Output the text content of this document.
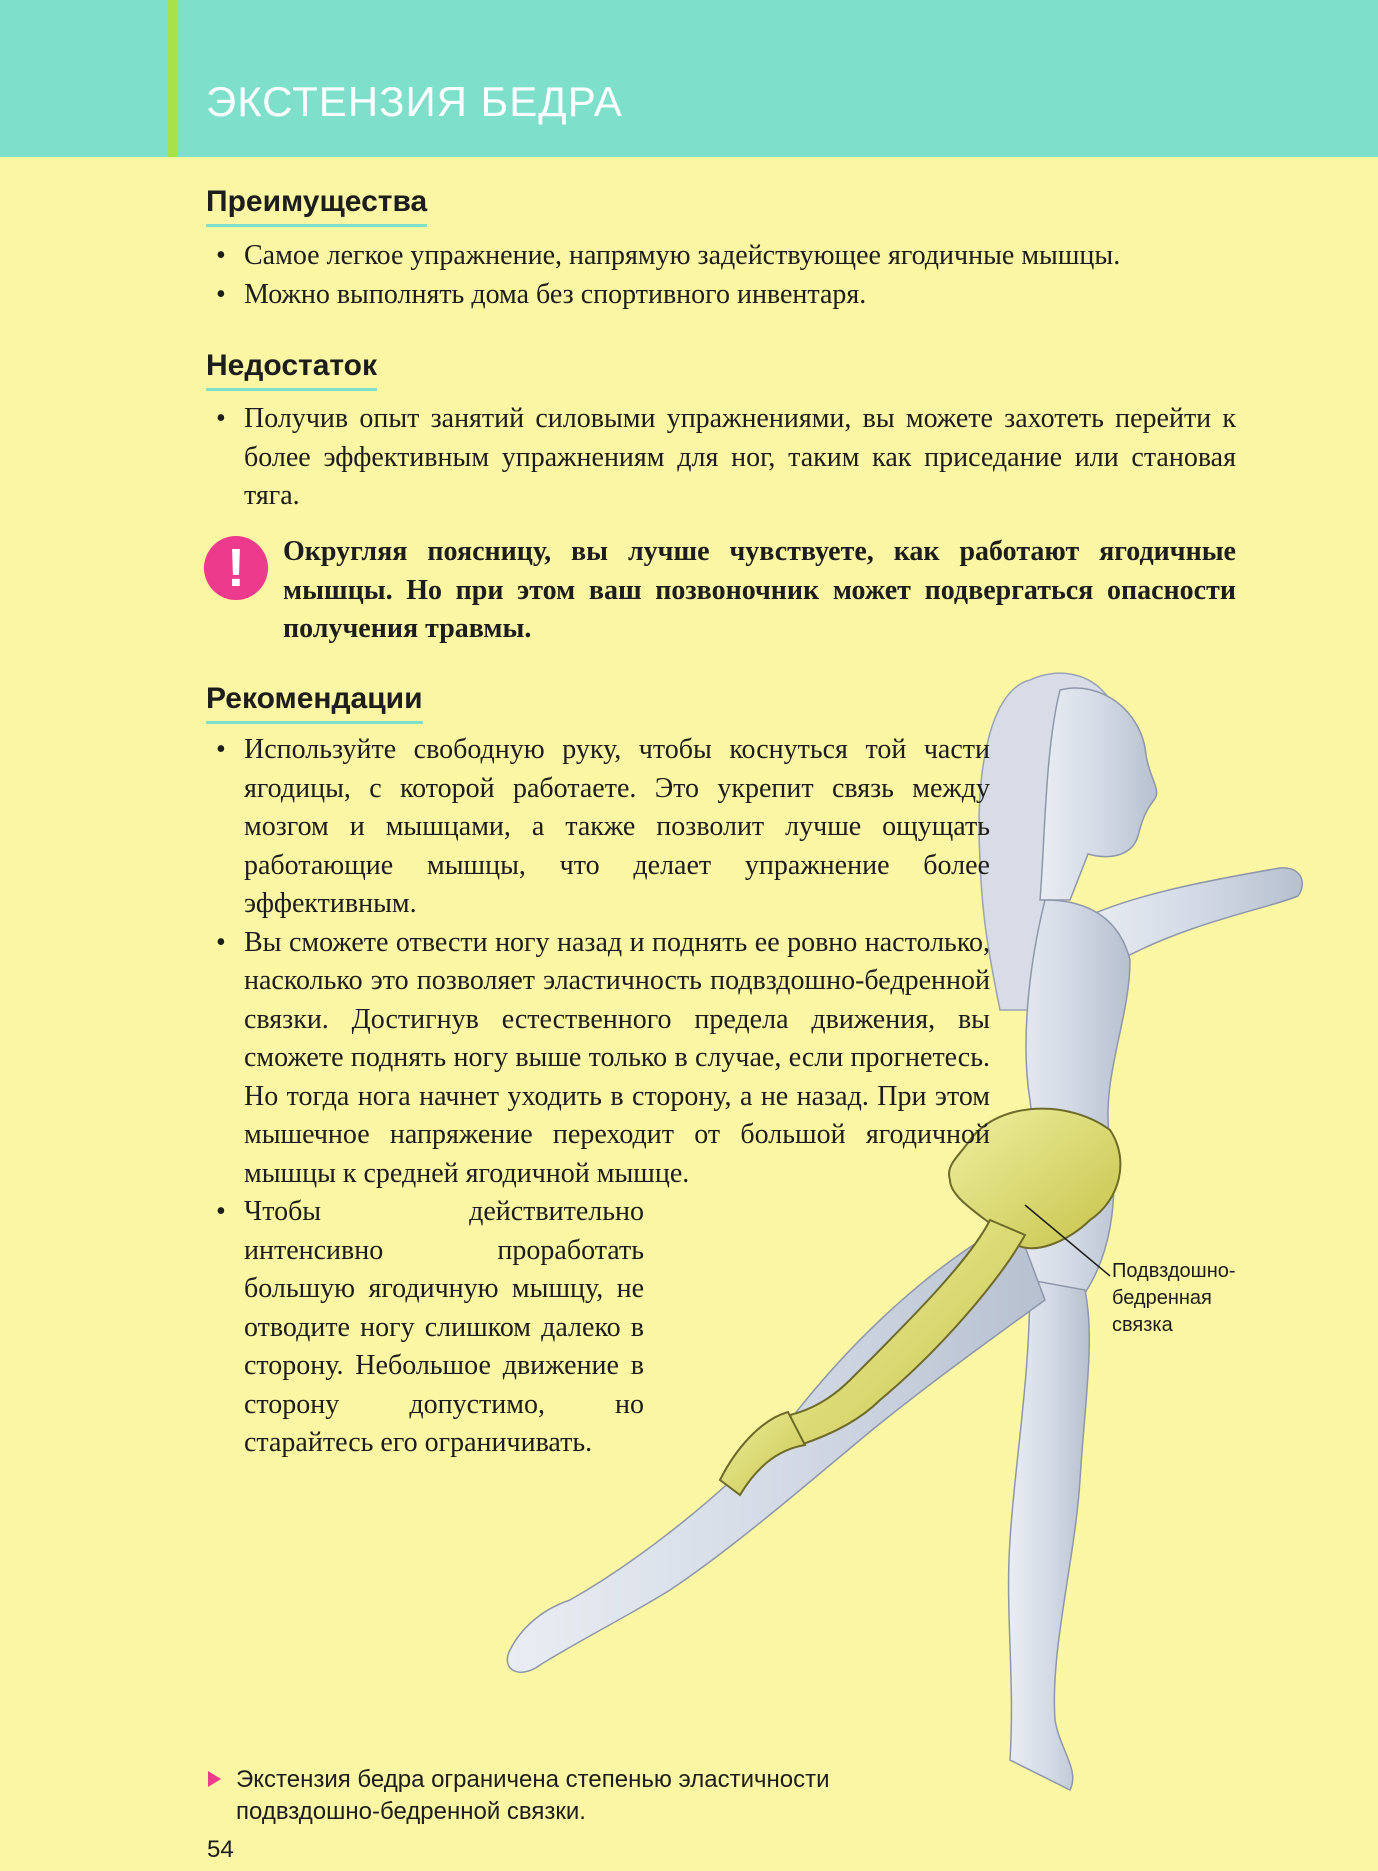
ЭКСТЕНЗИЯ БЕДРА
Преимущества
• Самое легкое упражнение, напрямую задействующее ягодичные мышцы.
• Можно выполнять дома без спортивного инвентаря.
Недостаток
• Получив опыт занятий силовыми упражнениями, вы можете захотеть перейти к более эффективным упражнениям для ног, таким как приседание или становая тяга.
!	Округляя поясницу, вы лучше чувствуете, как работают ягодичные мышцы. Но при этом ваш позвоночник может подвергаться опасности получения травмы.

Подвздошно-
бедренная
связка

Рекомендации
• Используйте свободную руку, чтобы коснуться той части ягодицы, с которой работаете. Это укрепит связь между мозгом и мышцами, а также позволит лучше ощущать работающие мышцы, что делает упражнение более эффективным.
• Вы сможете отвести ногу назад и поднять ее ровно настолько, насколько это позволяет эластичность подвздошно-бедренной связки. Достигнув естественного предела движения, вы сможете поднять ногу выше только в случае, если прогнетесь. Но тогда нога начнет уходить в сторону, а не назад. При этом мышечное напряжение переходит от большой ягодичной мышцы к средней ягодичной мышце.
• Чтобы действительно интенсивно проработать большую ягодичную мышцу, не отводите ногу слишком далеко в сторону. Небольшое движение в сторону допустимо, но старайтесь его ограничивать.

Экстензия бедра ограничена степенью эластичности
подвздошно-бедренной связки.

54
